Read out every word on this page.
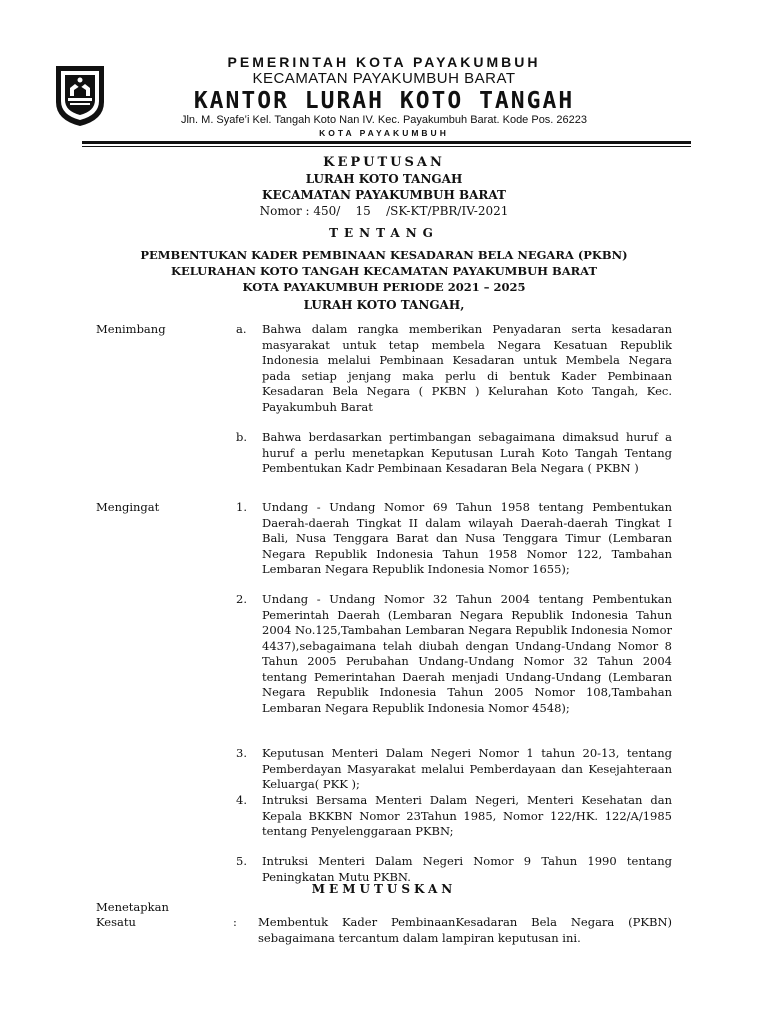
PEMERINTAH KOTA PAYAKUMBUH
KECAMATAN PAYAKUMBUH BARAT
KANTOR LURAH KOTO TANGAH
Jln. M. Syafe’i Kel. Tangah Koto Nan IV. Kec. Payakumbuh Barat. Kode Pos. 26223
KOTA PAYAKUMBUH
KEPUTUSAN
LURAH KOTO TANGAH
KECAMATAN PAYAKUMBUH BARAT
Nomor : 450/    15    /SK-KT/PBR/IV-2021
TENTANG
PEMBENTUKAN KADER PEMBINAAN KESADARAN BELA NEGARA (PKBN)
KELURAHAN KOTO TANGAH KECAMATAN PAYAKUMBUH BARAT
KOTA PAYAKUMBUH PERIODE 2021 – 2025
LURAH KOTO TANGAH,
Menimbang	a. Bahwa dalam rangka memberikan Penyadaran serta kesadaran masyarakat untuk tetap membela Negara Kesatuan Republik Indonesia melalui Pembinaan Kesadaran untuk Membela Negara pada setiap jenjang maka perlu di bentuk Kader Pembinaan Kesadaran Bela Negara ( PKBN ) Kelurahan Koto Tangah, Kec. Payakumbuh Barat
b. Bahwa berdasarkan pertimbangan sebagaimana dimaksud huruf a huruf a perlu menetapkan Keputusan Lurah Koto Tangah Tentang Pembentukan Kadr Pembinaan Kesadaran Bela Negara ( PKBN )
Mengingat	1. Undang - Undang Nomor 69 Tahun 1958 tentang Pembentukan Daerah-daerah Tingkat II dalam wilayah Daerah-daerah Tingkat I Bali, Nusa Tenggara Barat dan Nusa Tenggara Timur (Lembaran Negara Republik Indonesia Tahun 1958 Nomor 122, Tambahan Lembaran Negara Republik Indonesia Nomor 1655);
2. Undang - Undang Nomor 32 Tahun 2004 tentang Pembentukan Pemerintah Daerah (Lembaran Negara Republik Indonesia Tahun 2004 No.125,Tambahan Lembaran Negara Republik Indonesia Nomor 4437),sebagaimana telah diubah dengan Undang-Undang Nomor 8 Tahun 2005 Perubahan Undang-Undang Nomor 32 Tahun 2004 tentang Pemerintahan Daerah menjadi Undang-Undang (Lembaran Negara Republik Indonesia Tahun 2005 Nomor 108,Tambahan Lembaran Negara Republik Indonesia Nomor 4548);
3. Keputusan Menteri Dalam Negeri Nomor 1 tahun 20-13, tentang Pemberdayan Masyarakat melalui Pemberdayaan dan Kesejahteraan Keluarga( PKK );
4. Intruksi Bersama Menteri Dalam Negeri, Menteri Kesehatan dan Kepala BKKBN Nomor 23Tahun 1985, Nomor 122/HK. 122/A/1985 tentang Penyelenggaraan PKBN;
5. Intruksi Menteri Dalam Negeri Nomor 9 Tahun 1990 tentang Peningkatan Mutu PKBN.
MEMUTUSKAN
Menetapkan
Kesatu	: Membentuk Kader PembinaanKesadaran Bela Negara (PKBN) sebagaimana tercantum dalam lampiran keputusan ini.
